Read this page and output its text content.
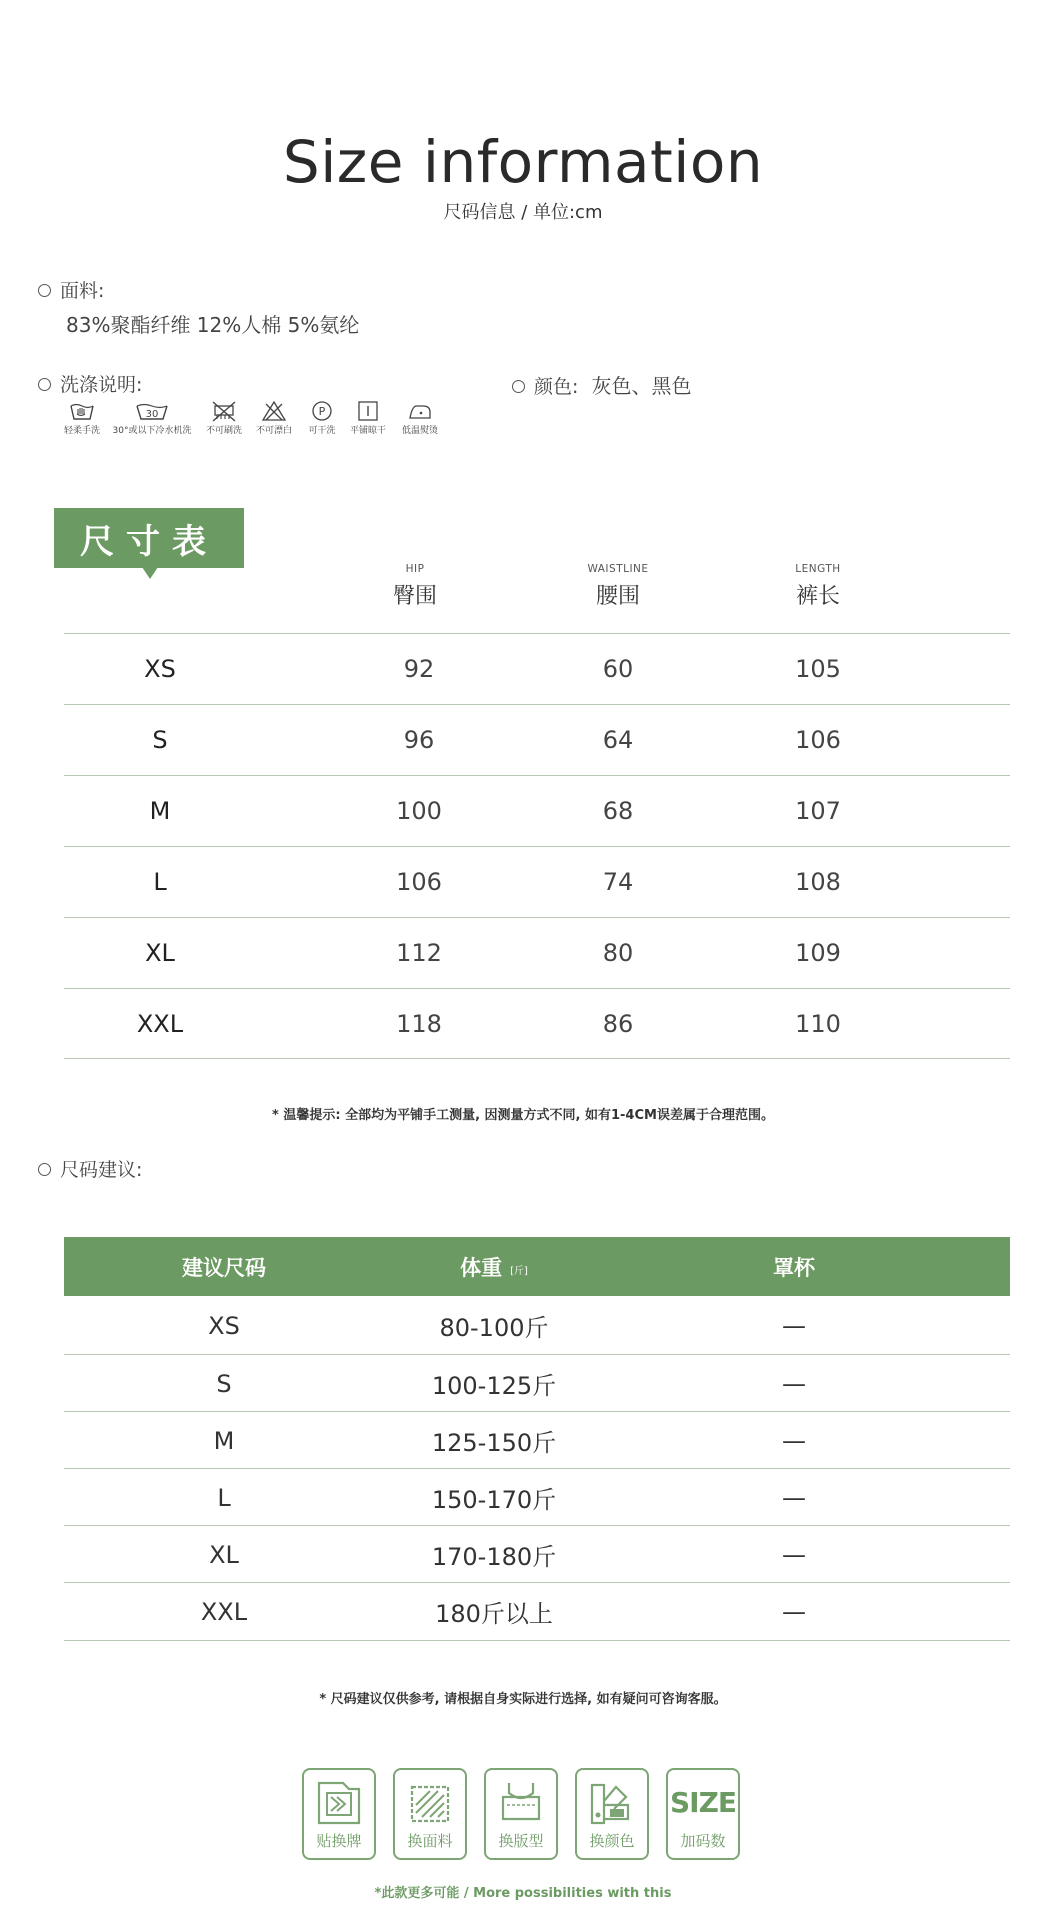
Size information
尺码信息 / 单位:cm
面料:
83%聚酯纤维 12%人棉 5%氨纶
洗涤说明:
轻柔手洗
30
30°或以下冷水机洗 不可刷洗 不可漂白
P
可干洗	平铺晾干	低温熨烫
颜色: 灰色、黑色
尺寸表
HIP
臀围
WAISTLINE
腰围
LENGTH
裤长
XS	92	60	105
S	96	64	106
M	100	68	107
L	106	74	108
XL	112	80	109
XXL	118	86	110
* 温馨提示: 全部均为平铺手工测量, 因测量方式不同, 如有1-4CM误差属于合理范围。
尺码建议:
建议尺码	体重 [斤]	罩杯
XS	80-100斤	—
S	100-125斤	—
M	125-150斤	—
L	150-170斤	—
XL	170-180斤	—
XXL	180斤以上	—
* 尺码建议仅供参考, 请根据自身实际进行选择, 如有疑问可咨询客服。
贴换牌	换面料	换版型	换颜色
SIZE
加码数
*此款更多可能 / More possibilities with this
